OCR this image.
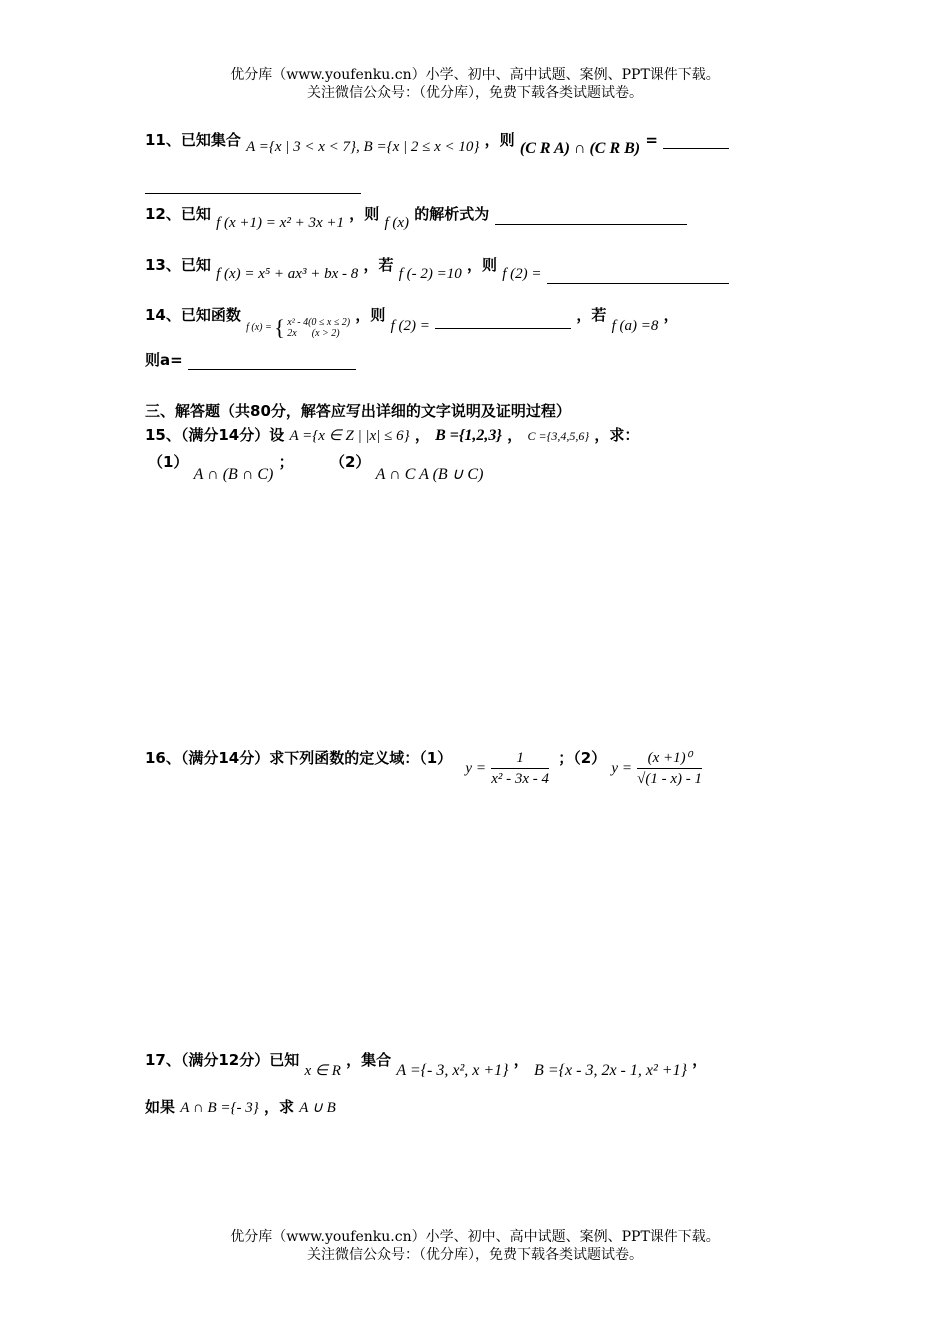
优分库（www.youfenku.cn）小学、初中、高中试题、案例、PPT课件下载。
关注微信公众号：（优分库），免费下载各类试题试卷。
11、已知集合 A ={x | 3 < x < 7}, B ={x | 2 ≤ x < 10} ，则 (C R A) ∩ (C R B) =
12、已知 f (x +1) = x² + 3x +1 ，则 f (x) 的解析式为
13、已知 f (x) = x⁵ + ax³ + bx - 8 ，若 f (- 2) =10 ，则 f (2) =
14、已知函数 f (x) = { x² - 4(0 ≤ x ≤ 2)
2x      (x > 2)
，则 f (2) =  ，若 f (a) =8 ，
则a=
三、解答题（共80分，解答应写出详细的文字说明及证明过程）
15、（满分14分）设 A ={x ∈ Z | |x| ≤ 6} ， B ={1,2,3} ， C ={3,4,5,6} ，求：
（1） A ∩ (B ∩ C) ； （2） A ∩ C A (B ∪ C)
16、（满分14分）求下列函数的定义域：（1） $y = \frac{1}{\text{x² - 3x - 4}}$ ；（2） $y = \frac{\text{(x +1)⁰}}{√(1 - x) - 1}$
17、（满分12分）已知 x ∈ R ，集合 A ={- 3, x², x +1} ， B ={x - 3, 2x - 1, x² +1} ，
如果 A ∩ B ={- 3} ，求 A ∪ B
优分库（www.youfenku.cn）小学、初中、高中试题、案例、PPT课件下载。
关注微信公众号：（优分库），免费下载各类试题试卷。
